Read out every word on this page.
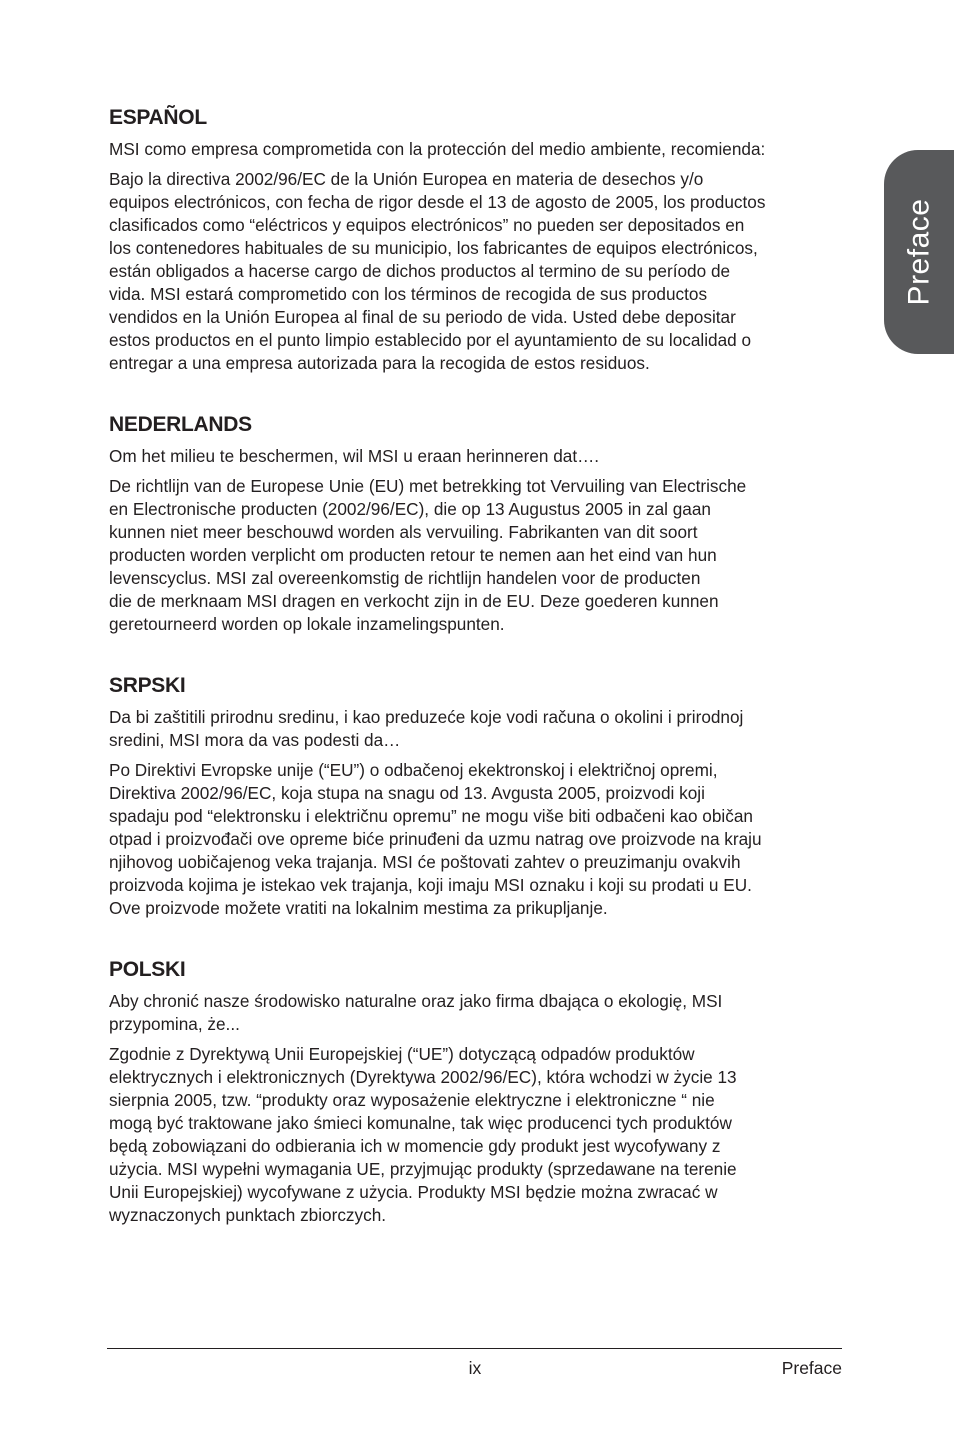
ESPAÑOL

MSI como empresa comprometida con la protección del medio ambiente, recomienda:

Bajo la directiva 2002/96/EC de la Unión Europea en materia de desechos y/o
equipos electrónicos, con fecha de rigor desde el 13 de agosto de 2005, los productos
clasificados como “eléctricos y equipos electrónicos” no pueden ser depositados en
los contenedores habituales de su municipio, los fabricantes de equipos electrónicos,
están obligados a hacerse cargo de dichos productos al termino de su período de
vida. MSI estará comprometido con los términos de recogida de sus productos
vendidos en la Unión Europea al final de su periodo de vida. Usted debe depositar
estos productos en el punto limpio establecido por el ayuntamiento de su localidad o
entregar a una empresa autorizada para la recogida de estos residuos.

NEDERLANDS

Om het milieu te beschermen, wil MSI u eraan herinneren dat….

De richtlijn van de Europese Unie (EU) met betrekking tot Vervuiling van Electrische
en Electronische producten (2002/96/EC), die op 13 Augustus 2005 in zal gaan
kunnen niet meer beschouwd worden als vervuiling. Fabrikanten van dit soort
producten worden verplicht om producten retour te nemen aan het eind van hun
levenscyclus. MSI zal overeenkomstig de richtlijn handelen voor de producten
die de merknaam MSI dragen en verkocht zijn in de EU. Deze goederen kunnen
geretourneerd worden op lokale inzamelingspunten.

SRPSKI

Da bi zaštitili prirodnu sredinu, i kao preduzeće koje vodi računa o okolini i prirodnoj
sredini, MSI mora da vas podesti da…

Po Direktivi Evropske unije (“EU”) o odbačenoj ekektronskoj i električnoj opremi,
Direktiva 2002/96/EC, koja stupa na snagu od 13. Avgusta 2005, proizvodi koji
spadaju pod “elektronsku i električnu opremu” ne mogu više biti odbačeni kao običan
otpad i proizvođači ove opreme biće prinuđeni da uzmu natrag ove proizvode na kraju
njihovog uobičajenog veka trajanja. MSI će poštovati zahtev o preuzimanju ovakvih
proizvoda kojima je istekao vek trajanja, koji imaju MSI oznaku i koji su prodati u EU.
Ove proizvode možete vratiti na lokalnim mestima za prikupljanje.

POLSKI

Aby chronić nasze środowisko naturalne oraz jako firma dbająca o ekologię, MSI
przypomina, że...

Zgodnie z Dyrektywą Unii Europejskiej (“UE”) dotyczącą odpadów produktów
elektrycznych i elektronicznych (Dyrektywa 2002/96/EC), która wchodzi w życie 13
sierpnia 2005, tzw. “produkty oraz wyposażenie elektryczne i elektroniczne “ nie
mogą być traktowane jako śmieci komunalne, tak więc producenci tych produktów
będą zobowiązani do odbierania ich w momencie gdy produkt jest wycofywany z
użycia. MSI wypełni wymagania UE, przyjmując produkty (sprzedawane na terenie
Unii Europejskiej) wycofywane z użycia. Produkty MSI będzie można zwracać w
wyznaczonych punktach zbiorczych.

Preface
ix	Preface
